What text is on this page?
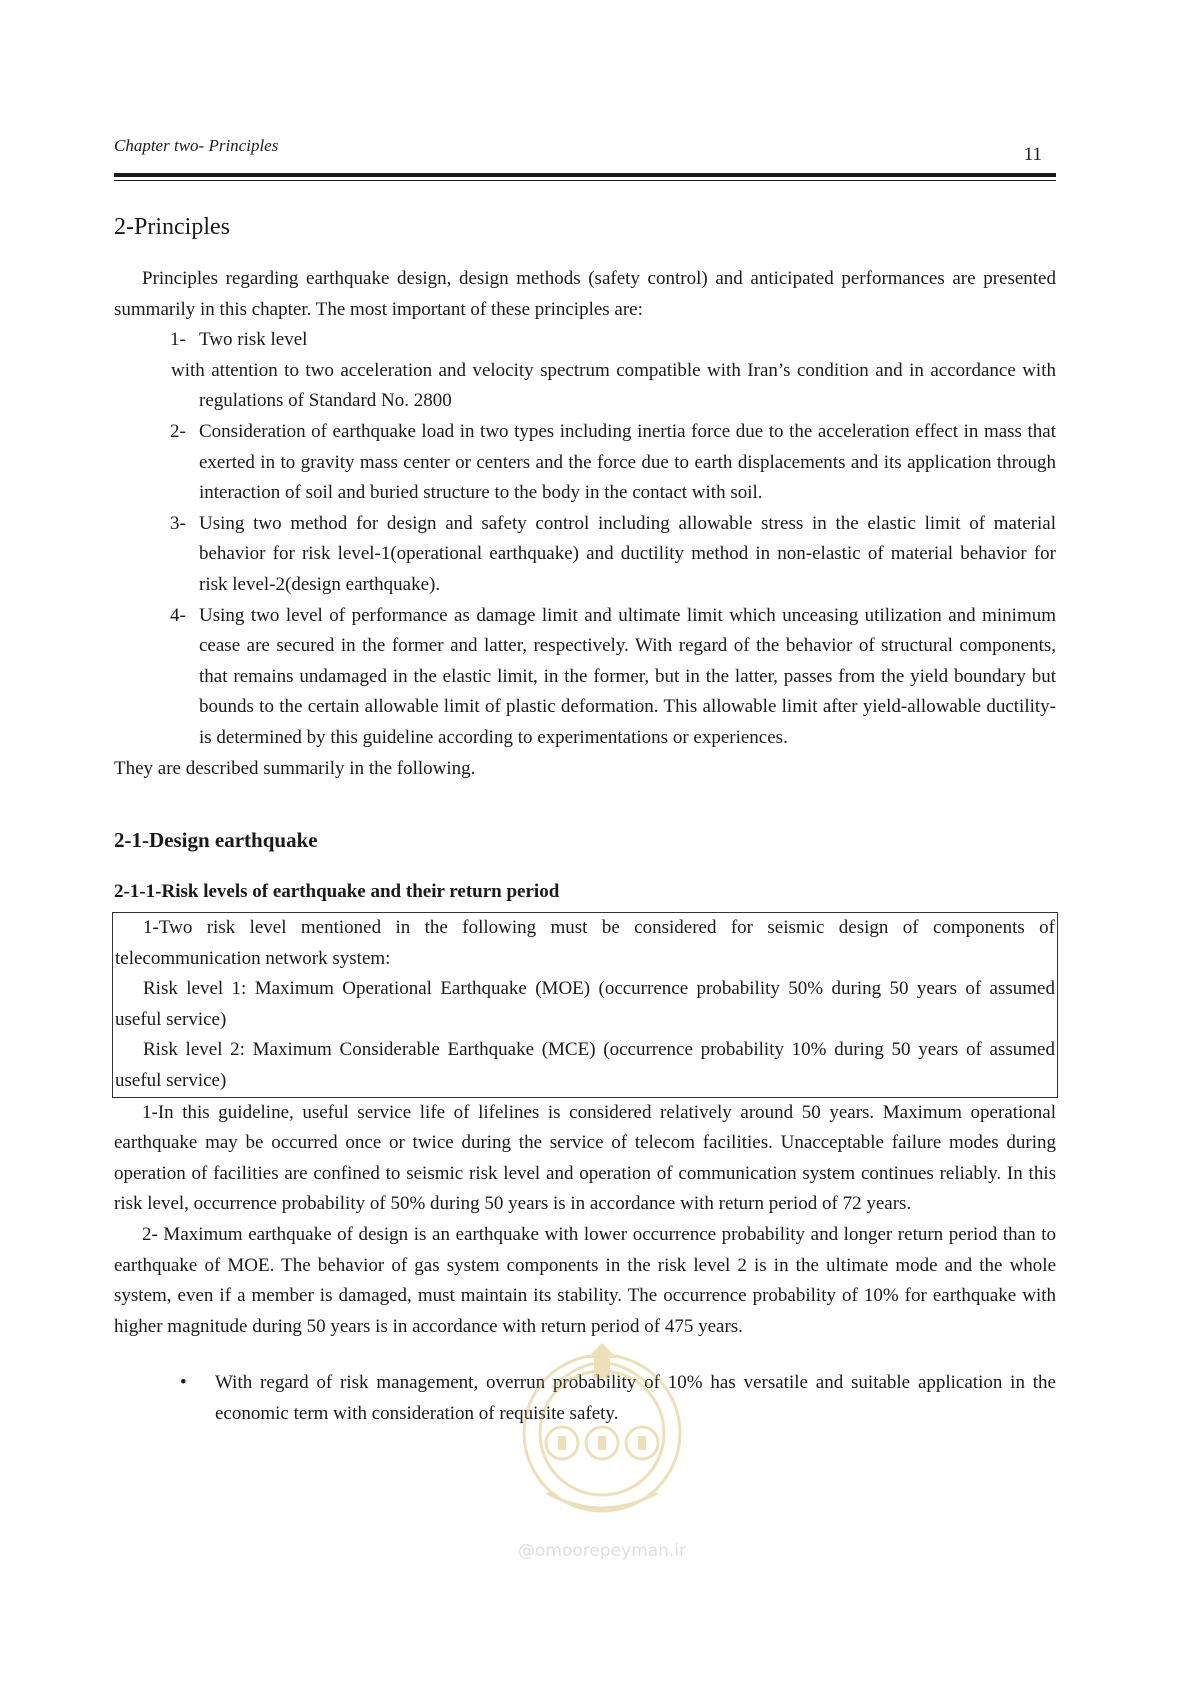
Chapter two- Principles	11
2-Principles

Principles regarding earthquake design, design methods (safety control) and anticipated performances are presented summarily in this chapter. The most important of these principles are:

1- Two risk level

with attention to two acceleration and velocity spectrum compatible with Iran’s condition and in accordance with regulations of Standard No. 2800

2- Consideration of earthquake load in two types including inertia force due to the acceleration effect in mass that exerted in to gravity mass center or centers and the force due to earth displacements and its application through interaction of soil and buried structure to the body in the contact with soil.
3- Using two method for design and safety control including allowable stress in the elastic limit of material behavior for risk level-1(operational earthquake) and ductility method in non-elastic of material behavior for risk level-2(design earthquake).
4- Using two level of performance as damage limit and ultimate limit which unceasing utilization and minimum cease are secured in the former and latter, respectively. With regard of the behavior of structural components, that remains undamaged in the elastic limit, in the former, but in the latter, passes from the yield boundary but bounds to the certain allowable limit of plastic deformation. This allowable limit after yield-allowable ductility- is determined by this guideline according to experimentations or experiences.

They are described summarily in the following.

2-1-Design earthquake
2-1-1-Risk levels of earthquake and their return period

1-Two risk level mentioned in the following must be considered for seismic design of components of telecommunication network system:

Risk level 1: Maximum Operational Earthquake (MOE) (occurrence probability 50% during 50 years of assumed useful service)

Risk level 2: Maximum Considerable Earthquake (MCE) (occurrence probability 10% during 50 years of assumed useful service)

1-In this guideline, useful service life of lifelines is considered relatively around 50 years. Maximum operational earthquake may be occurred once or twice during the service of telecom facilities. Unacceptable failure modes during operation of facilities are confined to seismic risk level and operation of communication system continues reliably. In this risk level, occurrence probability of 50% during 50 years is in accordance with return period of 72 years.

2- Maximum earthquake of design is an earthquake with lower occurrence probability and longer return period than to earthquake of MOE. The behavior of gas system components in the risk level 2 is in the ultimate mode and the whole system, even if a member is damaged, must maintain its stability. The occurrence probability of 10% for earthquake with higher magnitude during 50 years is in accordance with return period of 475 years.

• With regard of risk management, overrun probability of 10% has versatile and suitable application in the economic term with consideration of requisite safety.
@omoorepeyman.ir
